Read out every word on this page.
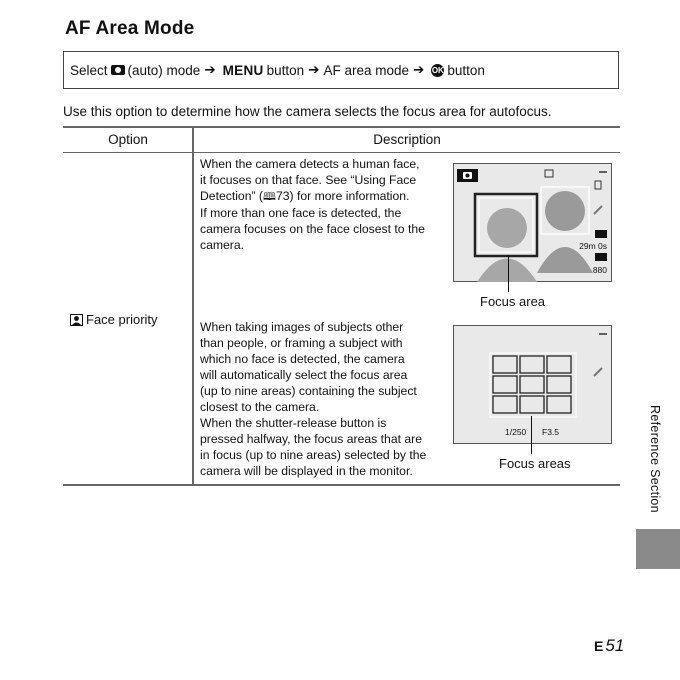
AF Area Mode
Select (auto) mode ➔ MENU button ➔ AF area mode ➔ OK button
Use this option to determine how the camera selects the focus area for autofocus.
Option	Description
Face priority
When the camera detects a human face,
it focuses on that face. See “Using Face
Detection” (🕮73) for more information.
If more than one face is detected, the
camera focuses on the face closest to the
camera.
When taking images of subjects other
than people, or framing a subject with
which no face is detected, the camera
will automatically select the focus area
(up to nine areas) containing the subject
closest to the camera.
When the shutter-release button is
pressed halfway, the focus areas that are
in focus (up to nine areas) selected by the
camera will be displayed in the monitor.
29m 0s
880
Focus area
1/250 F3.5
Focus areas	Reference Section
E 51
